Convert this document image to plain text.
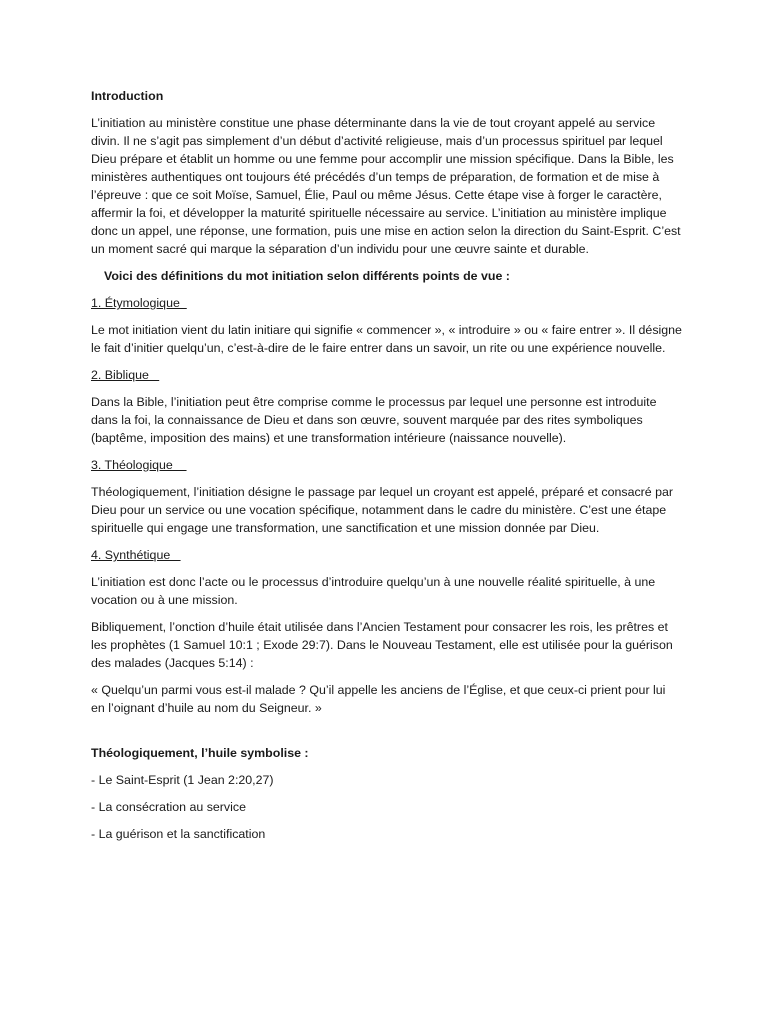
Introduction

L’initiation au ministère constitue une phase déterminante dans la vie de tout croyant appelé au service divin. Il ne s’agit pas simplement d’un début d’activité religieuse, mais d’un processus spirituel par lequel Dieu prépare et établit un homme ou une femme pour accomplir une mission spécifique. Dans la Bible, les ministères authentiques ont toujours été précédés d’un temps de préparation, de formation et de mise à l’épreuve : que ce soit Moïse, Samuel, Élie, Paul ou même Jésus. Cette étape vise à forger le caractère, affermir la foi, et développer la maturité spirituelle nécessaire au service. L’initiation au ministère implique donc un appel, une réponse, une formation, puis une mise en action selon la direction du Saint-Esprit. C’est un moment sacré qui marque la séparation d’un individu pour une œuvre sainte et durable.

Voici des définitions du mot initiation selon différents points de vue :

1. Étymologique

Le mot initiation vient du latin initiare qui signifie « commencer », « introduire » ou « faire entrer ». Il désigne le fait d’initier quelqu’un, c’est-à-dire de le faire entrer dans un savoir, un rite ou une expérience nouvelle.

2. Biblique

Dans la Bible, l’initiation peut être comprise comme le processus par lequel une personne est introduite dans la foi, la connaissance de Dieu et dans son œuvre, souvent marquée par des rites symboliques (baptême, imposition des mains) et une transformation intérieure (naissance nouvelle).

3. Théologique

Théologiquement, l’initiation désigne le passage par lequel un croyant est appelé, préparé et consacré par Dieu pour un service ou une vocation spécifique, notamment dans le cadre du ministère. C’est une étape spirituelle qui engage une transformation, une sanctification et une mission donnée par Dieu.

4. Synthétique

L’initiation est donc l’acte ou le processus d’introduire quelqu’un à une nouvelle réalité spirituelle, à une vocation ou à une mission.

Bibliquement, l’onction d’huile était utilisée dans l’Ancien Testament pour consacrer les rois, les prêtres et les prophètes (1 Samuel 10:1 ; Exode 29:7). Dans le Nouveau Testament, elle est utilisée pour la guérison des malades (Jacques 5:14) :

« Quelqu’un parmi vous est-il malade ? Qu’il appelle les anciens de l’Église, et que ceux-ci prient pour lui en l’oignant d’huile au nom du Seigneur. »

Théologiquement, l’huile symbolise :

- Le Saint-Esprit (1 Jean 2:20,27)

- La consécration au service

- La guérison et la sanctification
